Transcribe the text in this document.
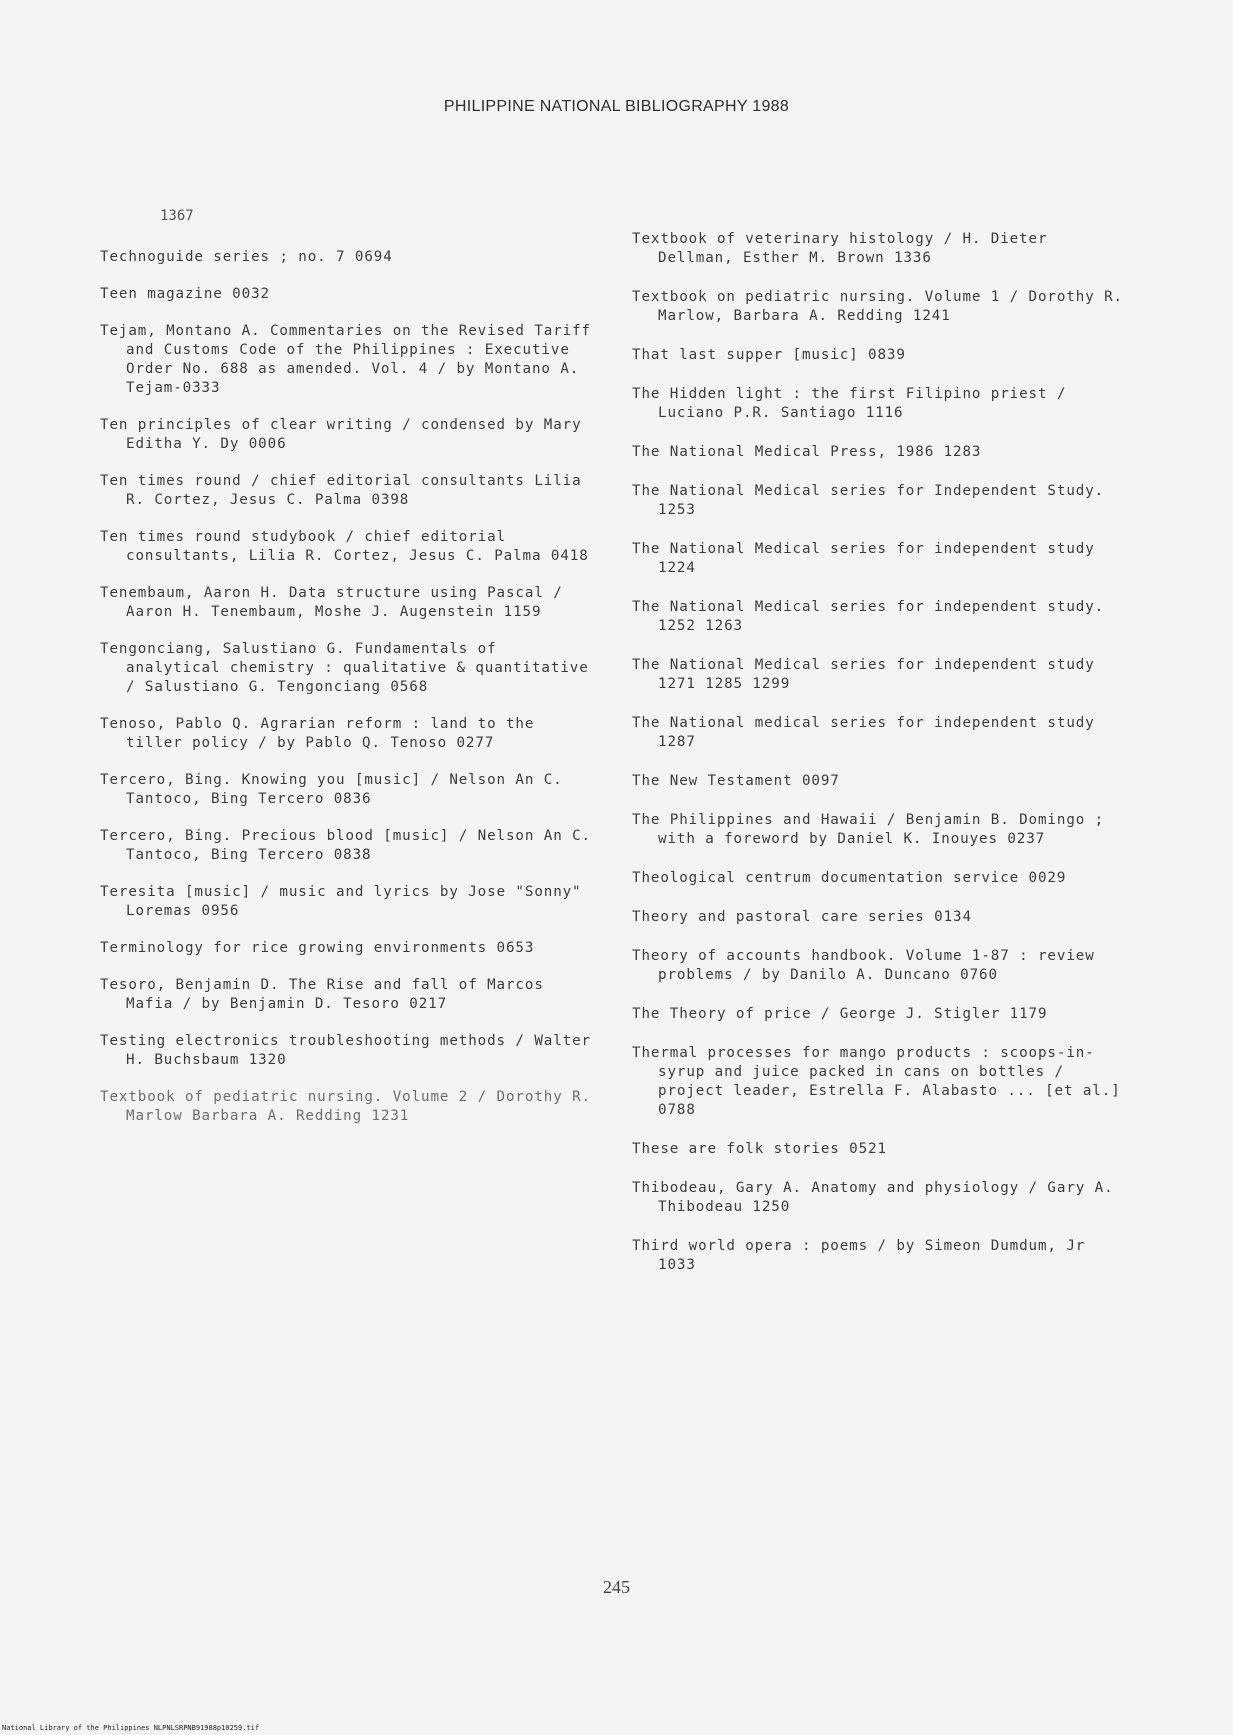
PHILIPPINE NATIONAL BIBLIOGRAPHY 1988
1367
Technoguide series ; no. 7 0694
Teen magazine 0032
Tejam, Montano A. Commentaries on the Revised Tariff and Customs Code of the Philippines : Executive Order No. 688 as amended. Vol. 4 / by Montano A. Tejam-0333
Ten principles of clear writing / condensed by Mary Editha Y. Dy 0006
Ten times round / chief editorial consultants Lilia R. Cortez, Jesus C. Palma 0398
Ten times round studybook / chief editorial consultants, Lilia R. Cortez, Jesus C. Palma 0418
Tenembaum, Aaron H. Data structure using Pascal / Aaron H. Tenembaum, Moshe J. Augenstein 1159
Tengonciang, Salustiano G. Fundamentals of analytical chemistry : qualitative & quantitative / Salustiano G. Tengonciang 0568
Tenoso, Pablo Q. Agrarian reform : land to the tiller policy / by Pablo Q. Tenoso 0277
Tercero, Bing. Knowing you [music] / Nelson An C. Tantoco, Bing Tercero 0836
Tercero, Bing. Precious blood [music] / Nelson An C. Tantoco, Bing Tercero 0838
Teresita [music] / music and lyrics by Jose "Sonny" Loremas 0956
Terminology for rice growing environments 0653
Tesoro, Benjamin D. The Rise and fall of Marcos Mafia / by Benjamin D. Tesoro 0217
Testing electronics troubleshooting methods / Walter H. Buchsbaum 1320
Textbook of pediatric nursing. Volume 2 / Dorothy R. Marlow Barbara A. Redding 1231
Textbook of veterinary histology / H. Dieter Dellman, Esther M. Brown 1336
Textbook on pediatric nursing. Volume 1 / Dorothy R. Marlow, Barbara A. Redding 1241
That last supper [music] 0839
The Hidden light : the first Filipino priest / Luciano P.R. Santiago 1116
The National Medical Press, 1986 1283
The National Medical series for Independent Study. 1253
The National Medical series for independent study 1224
The National Medical series for independent study. 1252 1263
The National Medical series for independent study 1271 1285 1299
The National medical series for independent study 1287
The New Testament 0097
The Philippines and Hawaii / Benjamin B. Domingo ; with a foreword by Daniel K. Inouyes 0237
Theological centrum documentation service 0029
Theory and pastoral care series 0134
Theory of accounts handbook. Volume 1-87 : review problems / by Danilo A. Duncano 0760
The Theory of price / George J. Stigler 1179
Thermal processes for mango products : scoops-in-syrup and juice packed in cans on bottles / project leader, Estrella F. Alabasto ... [et al.] 0788
These are folk stories 0521
Thibodeau, Gary A. Anatomy and physiology / Gary A. Thibodeau 1250
Third world opera : poems / by Simeon Dumdum, Jr 1033
245
National Library of the Philippines NLPNLSRPNB91988p10259.tif
